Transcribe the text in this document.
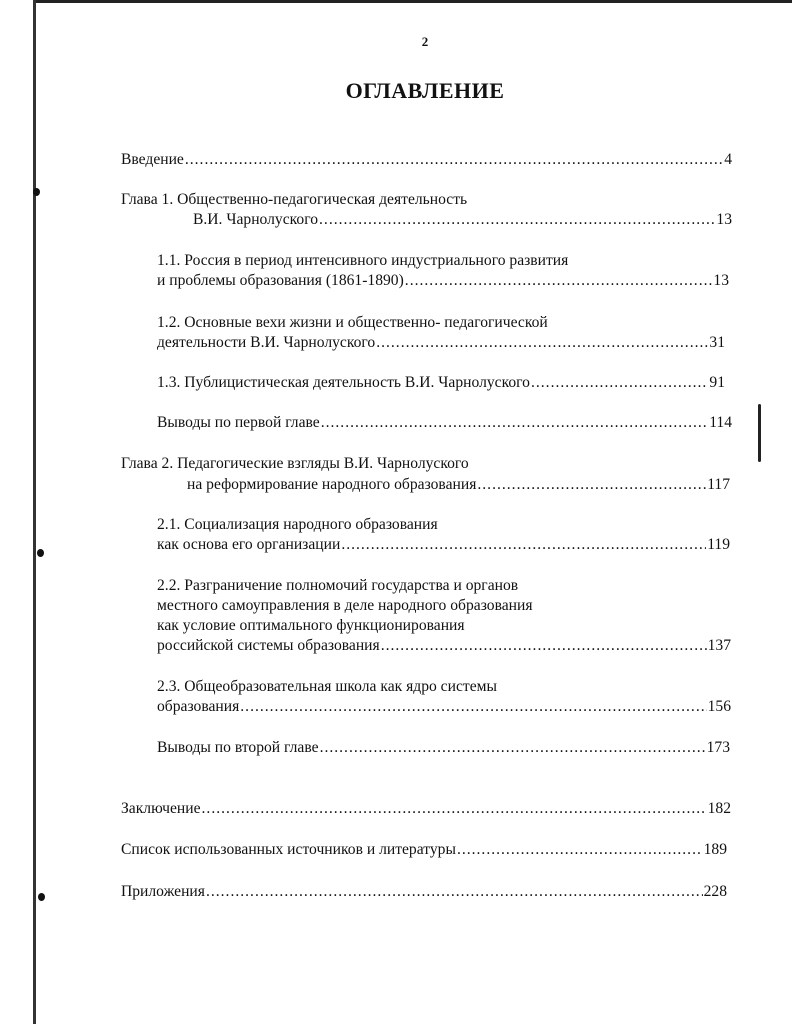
2
ОГЛАВЛЕНИЕ
Введение .....	4
Глава 1. Общественно-педагогическая деятельность
В.И. Чарнолуского .....	13
1.1. Россия в период интенсивного индустриального развития
и проблемы образования (1861-1890) .....	13
1.2. Основные вехи жизни и общественно- педагогической
деятельности В.И. Чарнолуского .....	31
1.3. Публицистическая деятельность В.И. Чарнолуского .....	91
Выводы по первой главе .....	114
Глава 2. Педагогические взгляды В.И. Чарнолуского
на реформирование народного образования .....	117
2.1. Социализация народного образования
как основа его организации .....	119
2.2. Разграничение полномочий государства и органов
местного самоуправления в деле народного образования
как условие оптимального функционирования
российской системы образования .....	137
2.3. Общеобразовательная школа как ядро системы
образования .....	156
Выводы по второй главе .....	173
Заключение .....	182
Список использованных источников и литературы .....	189
Приложения .....	228
